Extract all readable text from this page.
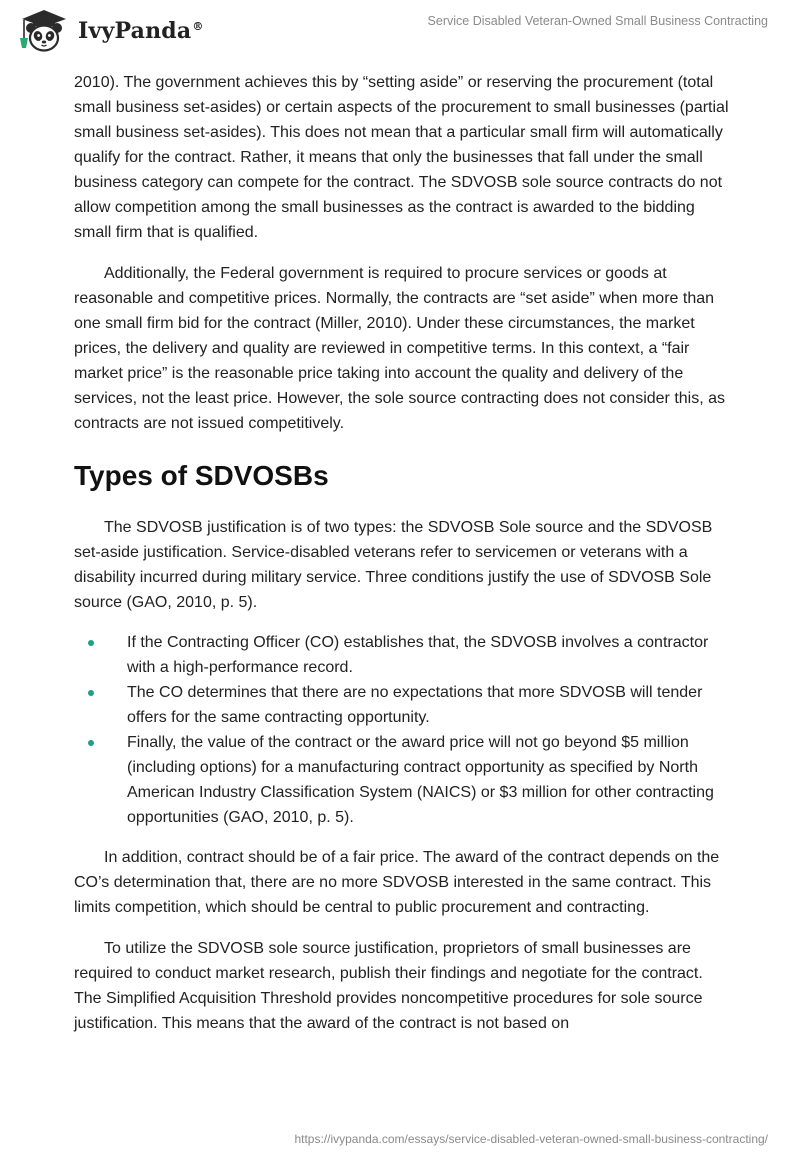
IvyPanda®	Service Disabled Veteran-Owned Small Business Contracting

2010). The government achieves this by “setting aside” or reserving the procurement (total small business set-asides) or certain aspects of the procurement to small businesses (partial small business set-asides). This does not mean that a particular small firm will automatically qualify for the contract. Rather, it means that only the businesses that fall under the small business category can compete for the contract. The SDVOSB sole source contracts do not allow competition among the small businesses as the contract is awarded to the bidding small firm that is qualified.

Additionally, the Federal government is required to procure services or goods at reasonable and competitive prices. Normally, the contracts are “set aside” when more than one small firm bid for the contract (Miller, 2010). Under these circumstances, the market prices, the delivery and quality are reviewed in competitive terms. In this context, a “fair market price” is the reasonable price taking into account the quality and delivery of the services, not the least price. However, the sole source contracting does not consider this, as contracts are not issued competitively.

Types of SDVOSBs

The SDVOSB justification is of two types: the SDVOSB Sole source and the SDVOSB set-aside justification. Service-disabled veterans refer to servicemen or veterans with a disability incurred during military service. Three conditions justify the use of SDVOSB Sole source (GAO, 2010, p. 5).

If the Contracting Officer (CO) establishes that, the SDVOSB involves a contractor with a high-performance record.
The CO determines that there are no expectations that more SDVOSB will tender offers for the same contracting opportunity.
Finally, the value of the contract or the award price will not go beyond $5 million (including options) for a manufacturing contract opportunity as specified by North American Industry Classification System (NAICS) or $3 million for other contracting opportunities (GAO, 2010, p. 5).

In addition, contract should be of a fair price. The award of the contract depends on the CO’s determination that, there are no more SDVOSB interested in the same contract. This limits competition, which should be central to public procurement and contracting.

To utilize the SDVOSB sole source justification, proprietors of small businesses are required to conduct market research, publish their findings and negotiate for the contract. The Simplified Acquisition Threshold provides noncompetitive procedures for sole source justification. This means that the award of the contract is not based on

https://ivypanda.com/essays/service-disabled-veteran-owned-small-business-contracting/
